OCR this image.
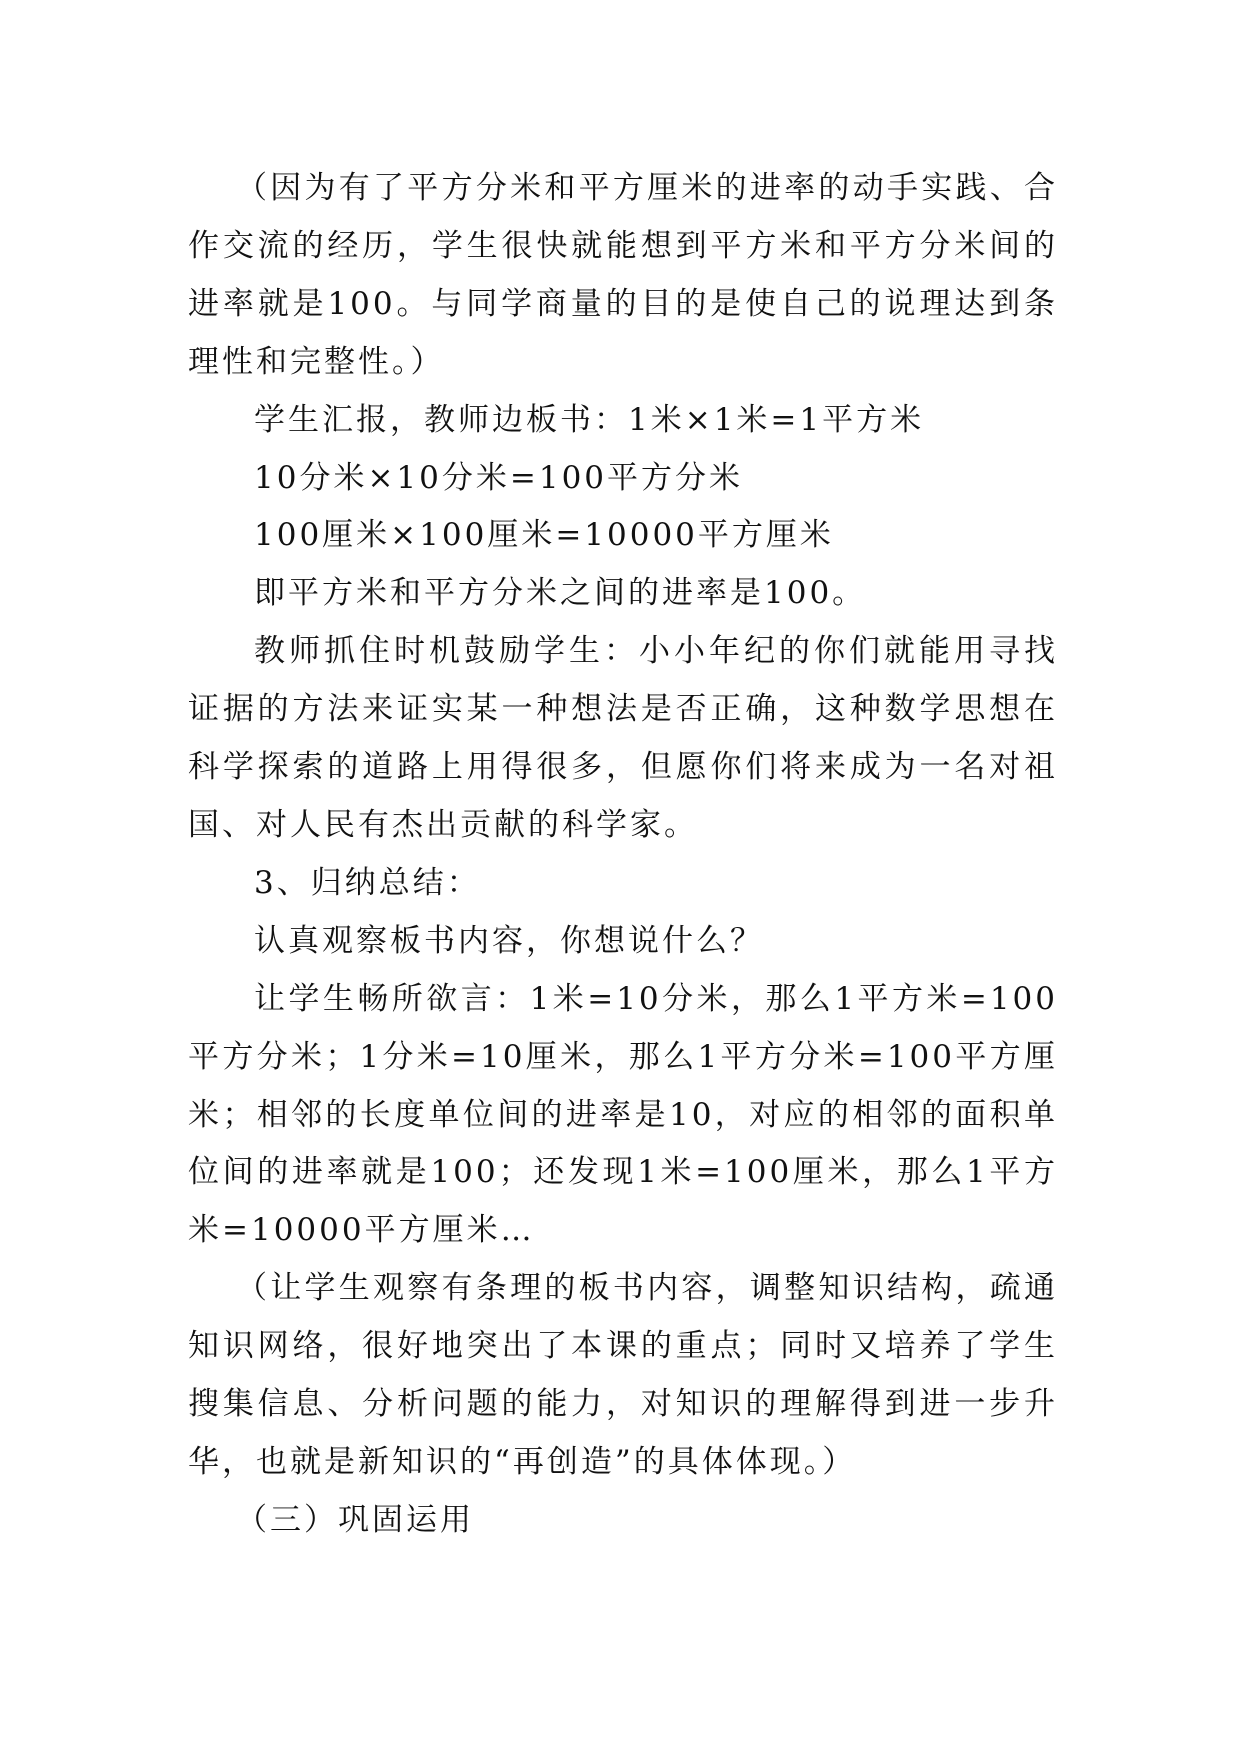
（因为有了平方分米和平方厘米的进率的动手实践、合作交流的经历，学生很快就能想到平方米和平方分米间的进率就是100。与同学商量的目的是使自己的说理达到条理性和完整性。）

学生汇报，教师边板书：1米×1米=1平方米

10分米×10分米=100平方分米

100厘米×100厘米=10000平方厘米

即平方米和平方分米之间的进率是100。

教师抓住时机鼓励学生：小小年纪的你们就能用寻找证据的方法来证实某一种想法是否正确，这种数学思想在科学探索的道路上用得很多，但愿你们将来成为一名对祖国、对人民有杰出贡献的科学家。

3、归纳总结：

认真观察板书内容，你想说什么？

让学生畅所欲言：1米=10分米，那么1平方米=100平方分米；1分米=10厘米，那么1平方分米=100平方厘米；相邻的长度单位间的进率是10，对应的相邻的面积单位间的进率就是100；还发现1米=100厘米，那么1平方米=10000平方厘米…

（让学生观察有条理的板书内容，调整知识结构，疏通知识网络，很好地突出了本课的重点；同时又培养了学生搜集信息、分析问题的能力，对知识的理解得到进一步升华，也就是新知识的“再创造”的具体体现。）

（三）巩固运用
